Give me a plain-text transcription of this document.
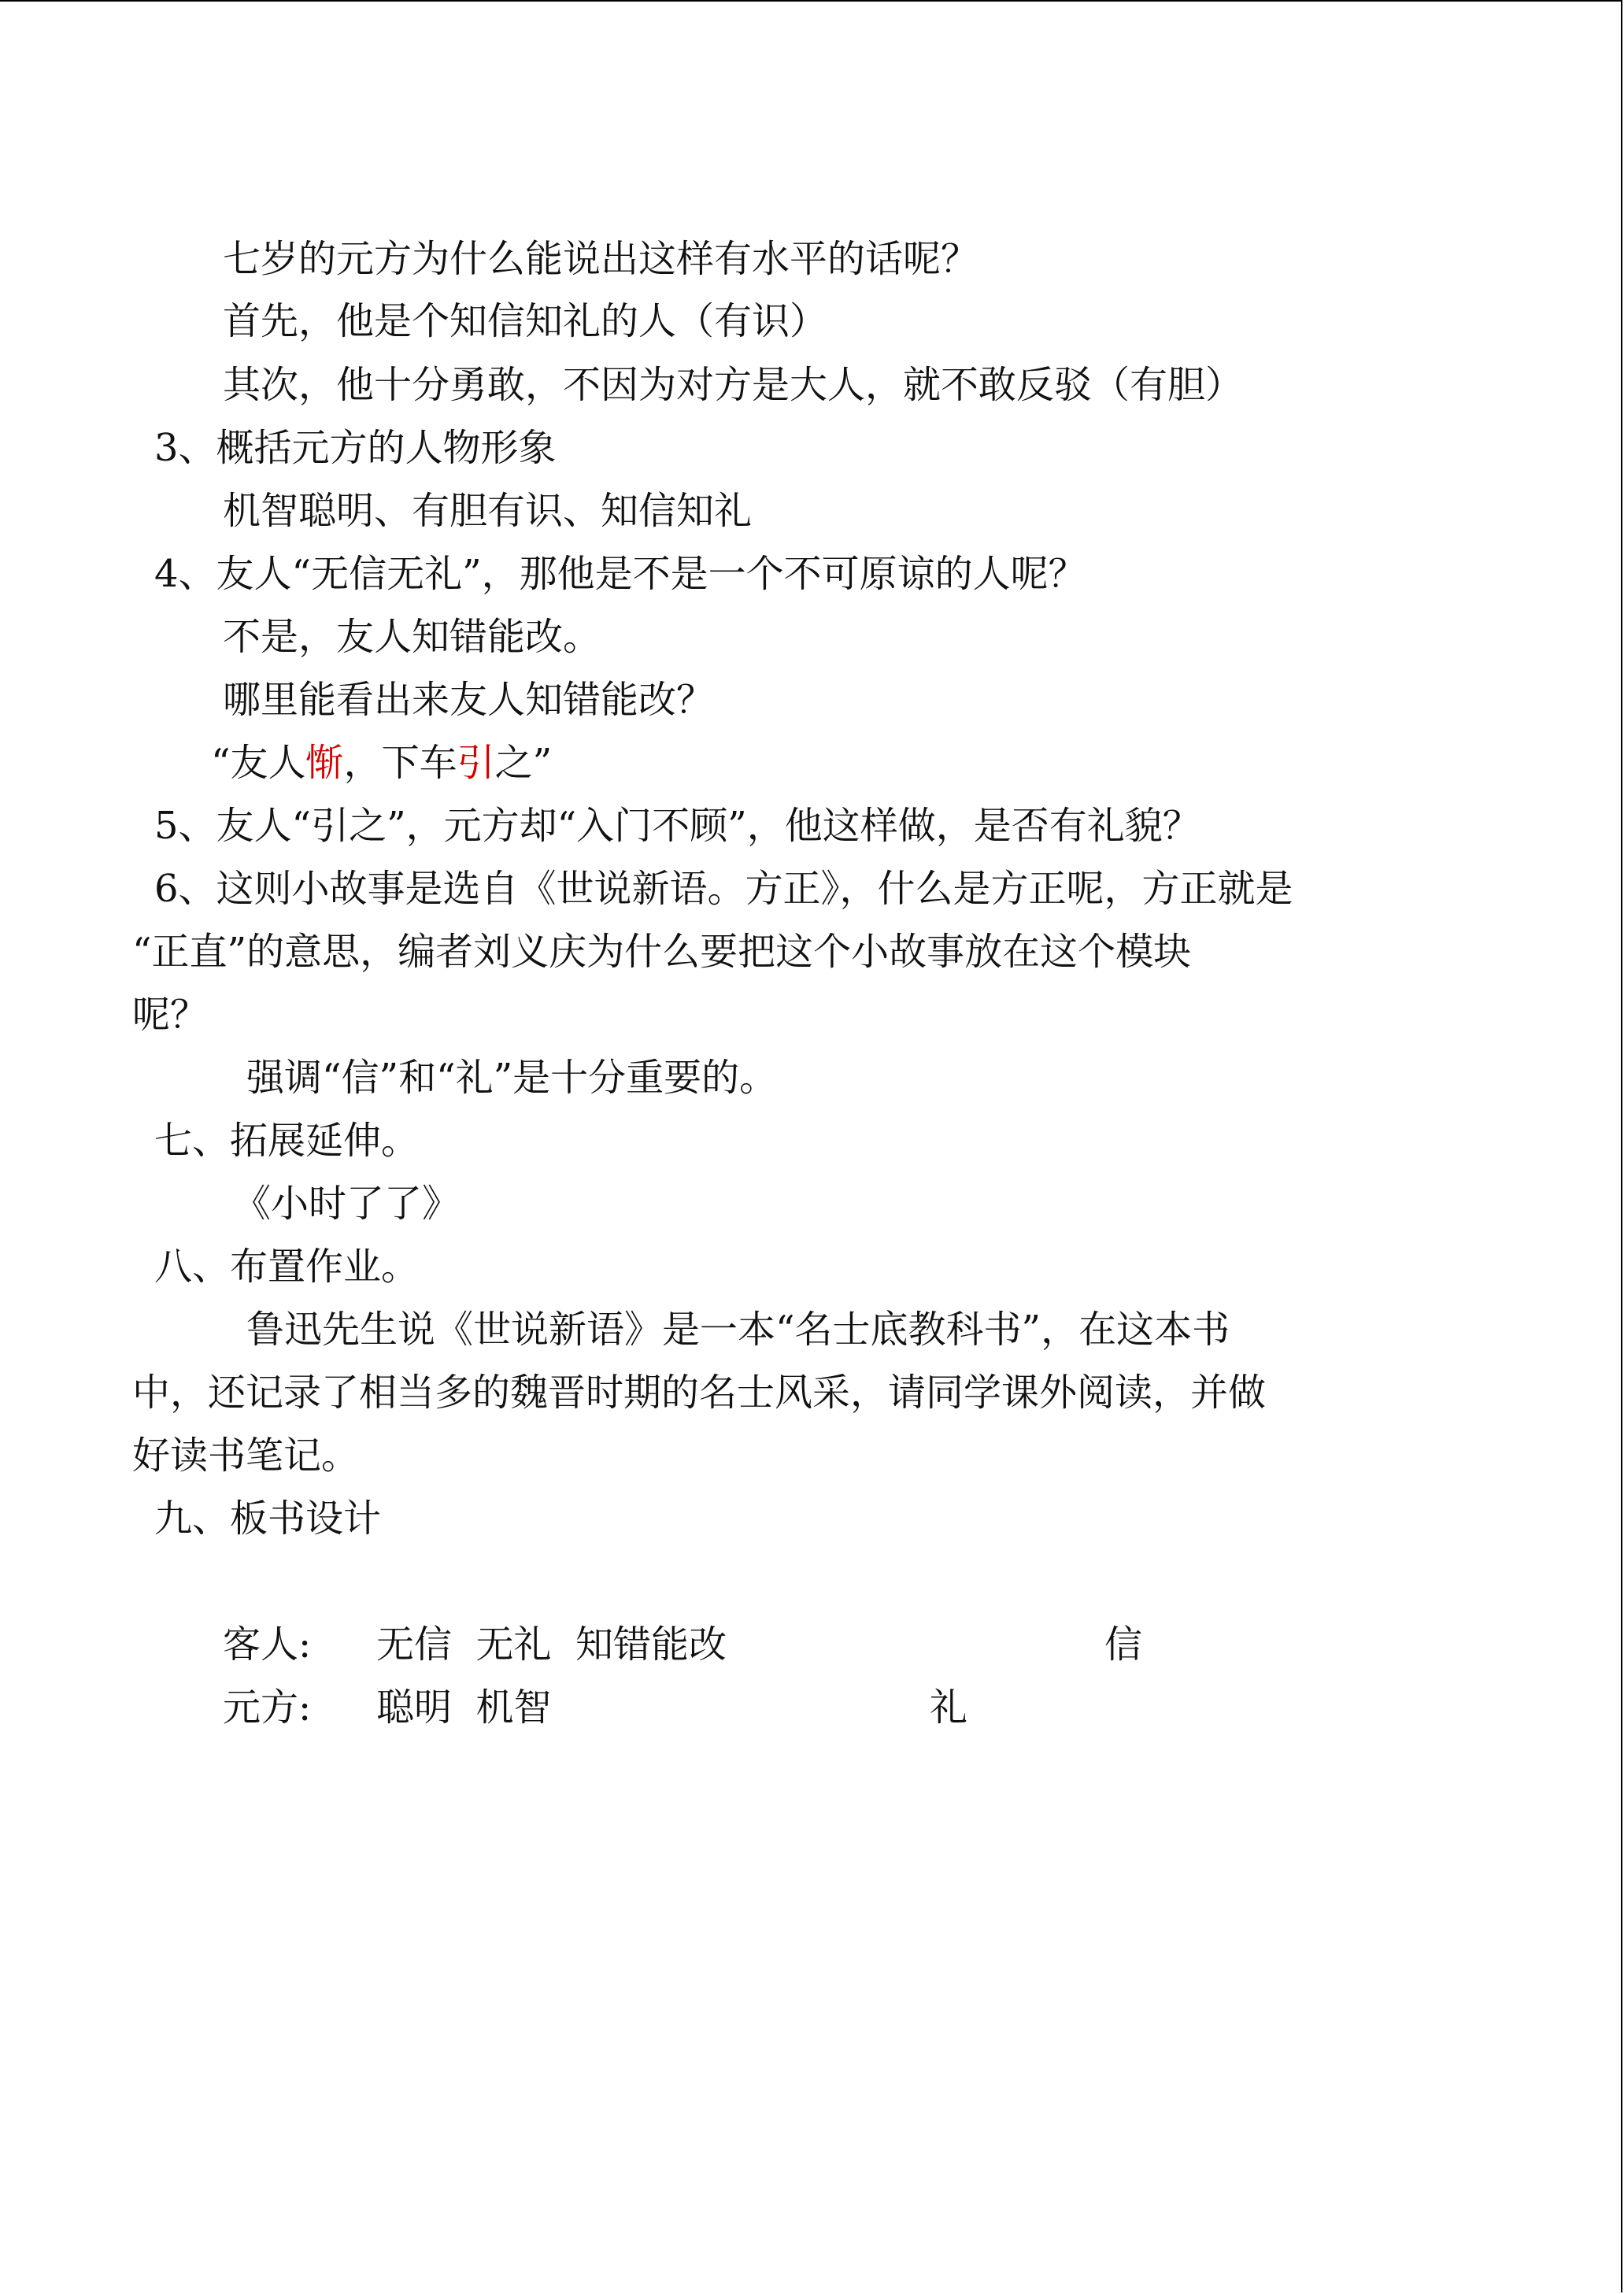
七岁的元方为什么能说出这样有水平的话呢？
首先，他是个知信知礼的人（有识）
其次，他十分勇敢，不因为对方是大人，就不敢反驳（有胆）
3、概括元方的人物形象
机智聪明、有胆有识、知信知礼
4、友人“无信无礼”，那他是不是一个不可原谅的人呢？
不是，友人知错能改。
哪里能看出来友人知错能改？
“友人惭，下车引之”
5、友人“引之”，元方却“入门不顾”，他这样做，是否有礼貌？
6、这则小故事是选自《世说新语。方正》，什么是方正呢，方正就是
“正直”的意思，编者刘义庆为什么要把这个小故事放在这个模块
呢？
强调“信”和“礼”是十分重要的。
七、拓展延伸。
《小时了了》
八、布置作业。
鲁迅先生说《世说新语》是一本“名士底教科书”，在这本书
中，还记录了相当多的魏晋时期的名士风采，请同学课外阅读，并做
好读书笔记。
九、板书设计
客人: 无信  无礼  知错能改	信
元方: 聪明  机智	礼
